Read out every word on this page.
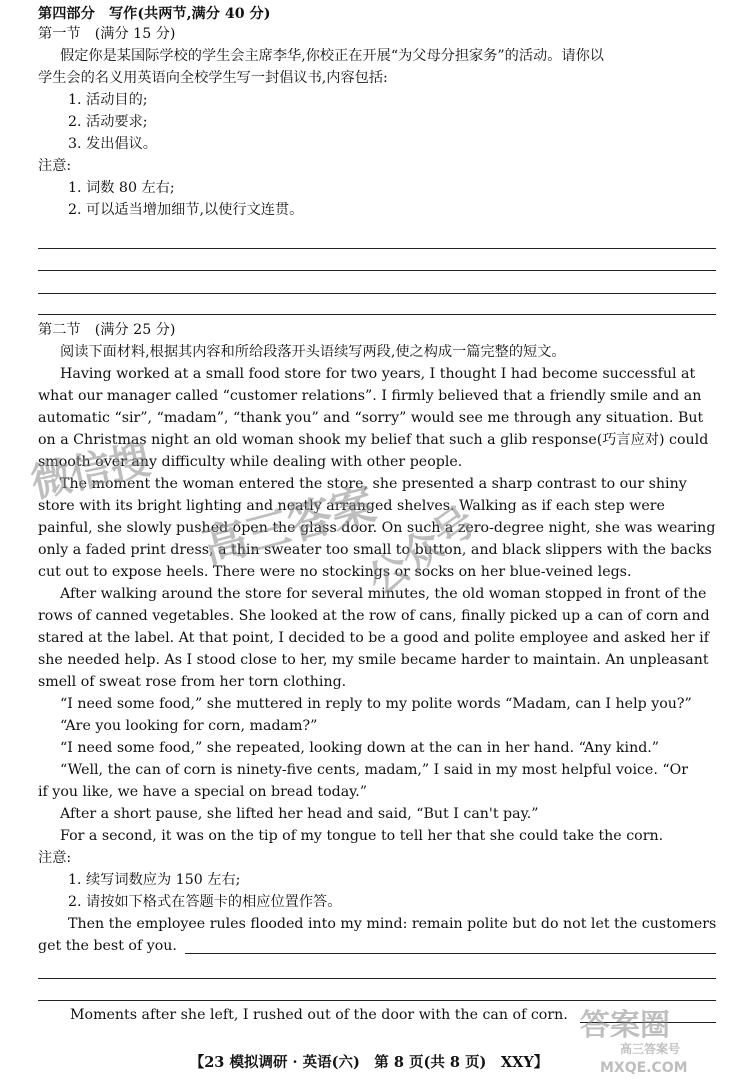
第四部分　写作(共两节,满分 40 分)
第一节　(满分 15 分)
假定你是某国际学校的学生会主席李华,你校正在开展“为父母分担家务”的活动。请你以
学生会的名义用英语向全校学生写一封倡议书,内容包括:
1. 活动目的;
2. 活动要求;
3. 发出倡议。
注意:
1. 词数 80 左右;
2. 可以适当增加细节,以使行文连贯。
第二节　(满分 25 分)
阅读下面材料,根据其内容和所给段落开头语续写两段,使之构成一篇完整的短文。
Having worked at a small food store for two years, I thought I had become successful at
what our manager called “customer relations”. I firmly believed that a friendly smile and an
automatic “sir”, “madam”, “thank you” and “sorry” would see me through any situation. But
on a Christmas night an old woman shook my belief that such a glib response(巧言应对) could
smooth over any difficulty while dealing with other people.
The moment the woman entered the store, she presented a sharp contrast to our shiny
store with its bright lighting and neatly arranged shelves. Walking as if each step were
painful, she slowly pushed open the glass door. On such a zero-degree night, she was wearing
only a faded print dress, a thin sweater too small to button, and black slippers with the backs
cut out to expose heels. There were no stockings or socks on her blue-veined legs.
After walking around the store for several minutes, the old woman stopped in front of the
rows of canned vegetables. She looked at the row of cans, finally picked up a can of corn and
stared at the label. At that point, I decided to be a good and polite employee and asked her if
she needed help. As I stood close to her, my smile became harder to maintain. An unpleasant
smell of sweat rose from her torn clothing.
“I need some food,” she muttered in reply to my polite words “Madam, can I help you?”
“Are you looking for corn, madam?”
“I need some food,” she repeated, looking down at the can in her hand. “Any kind.”
“Well, the can of corn is ninety-five cents, madam,” I said in my most helpful voice. “Or
if you like, we have a special on bread today.”
After a short pause, she lifted her head and said, “But I can't pay.”
For a second, it was on the tip of my tongue to tell her that she could take the corn.
注意:
1. 续写词数应为 150 左右;
2. 请按如下格式在答题卡的相应位置作答。
Then the employee rules flooded into my mind: remain polite but do not let the customers
get the best of you.
Moments after she left, I rushed out of the door with the can of corn.
【23 模拟调研 · 英语(六)　第 8 页(共 8 页)　XXY】
微信搜
高三答案
公众号
答案圈
MXQE.COM
高三答案号
